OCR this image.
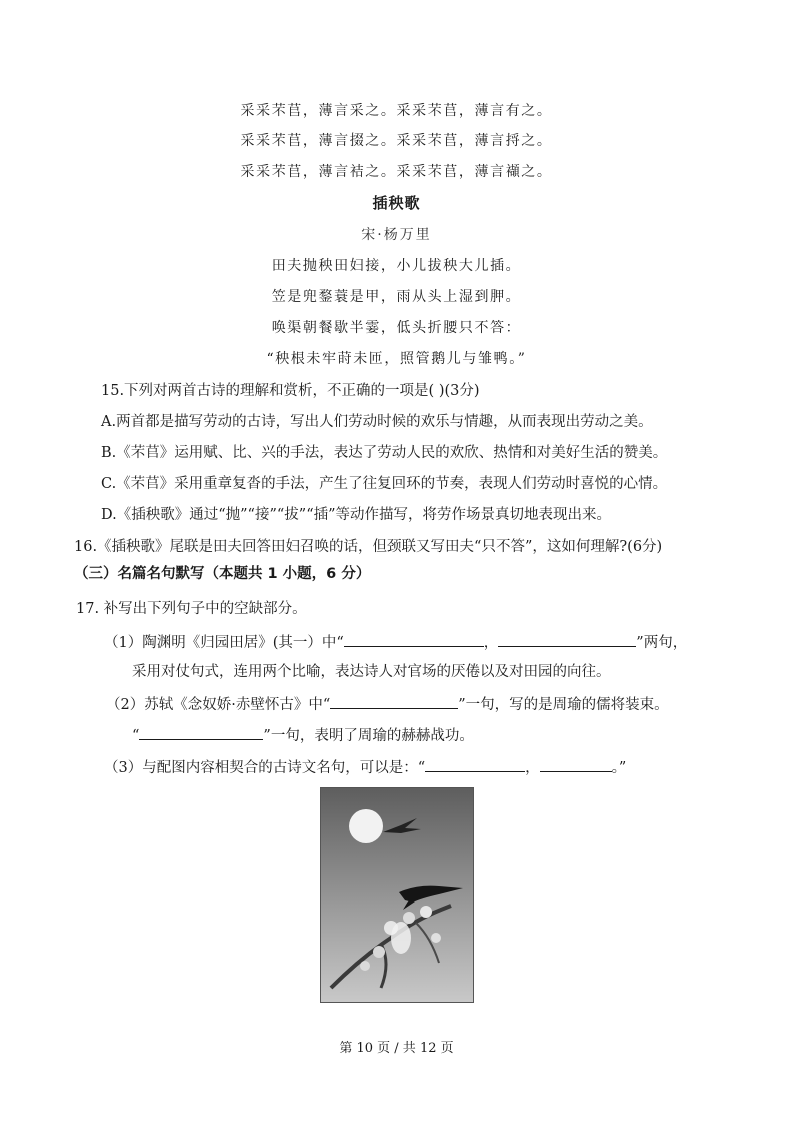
采采芣苢，薄言采之。采采芣苢，薄言有之。
采采芣苢，薄言掇之。采采芣苢，薄言捋之。
采采芣苢，薄言袺之。采采芣苢，薄言襭之。
插秧歌
宋·杨万里
田夫抛秧田妇接，小儿拔秧大儿插。
笠是兜鍪蓑是甲，雨从头上湿到胛。
唤渠朝餐歇半霎，低头折腰只不答：
“秧根未牢莳未匝，照管鹅儿与雏鸭。”
15.下列对两首古诗的理解和赏析，不正确的一项是( )(3分)
A.两首都是描写劳动的古诗，写出人们劳动时候的欢乐与情趣，从而表现出劳动之美。
B.《芣苢》运用赋、比、兴的手法，表达了劳动人民的欢欣、热情和对美好生活的赞美。
C.《芣苢》采用重章复沓的手法，产生了往复回环的节奏，表现人们劳动时喜悦的心情。
D.《插秧歌》通过“抛”“接”“拔”“插”等动作描写，将劳作场景真切地表现出来。
16.《插秧歌》尾联是田夫回答田妇召唤的话，但颈联又写田夫“只不答”，这如何理解?(6分)
（三）名篇名句默写（本题共 1 小题，6 分）
17. 补写出下列句子中的空缺部分。
（1）陶渊明《归园田居》(其一）中“	，	”两句，
采用对仗句式，连用两个比喻，表达诗人对官场的厌倦以及对田园的向往。
（2）苏轼《念奴娇·赤壁怀古》中“	”一句，写的是周瑜的儒将装束。
“	”一句，表明了周瑜的赫赫战功。
（3）与配图内容相契合的古诗文名句，可以是：“	，	。”
第 10 页 / 共 12 页
